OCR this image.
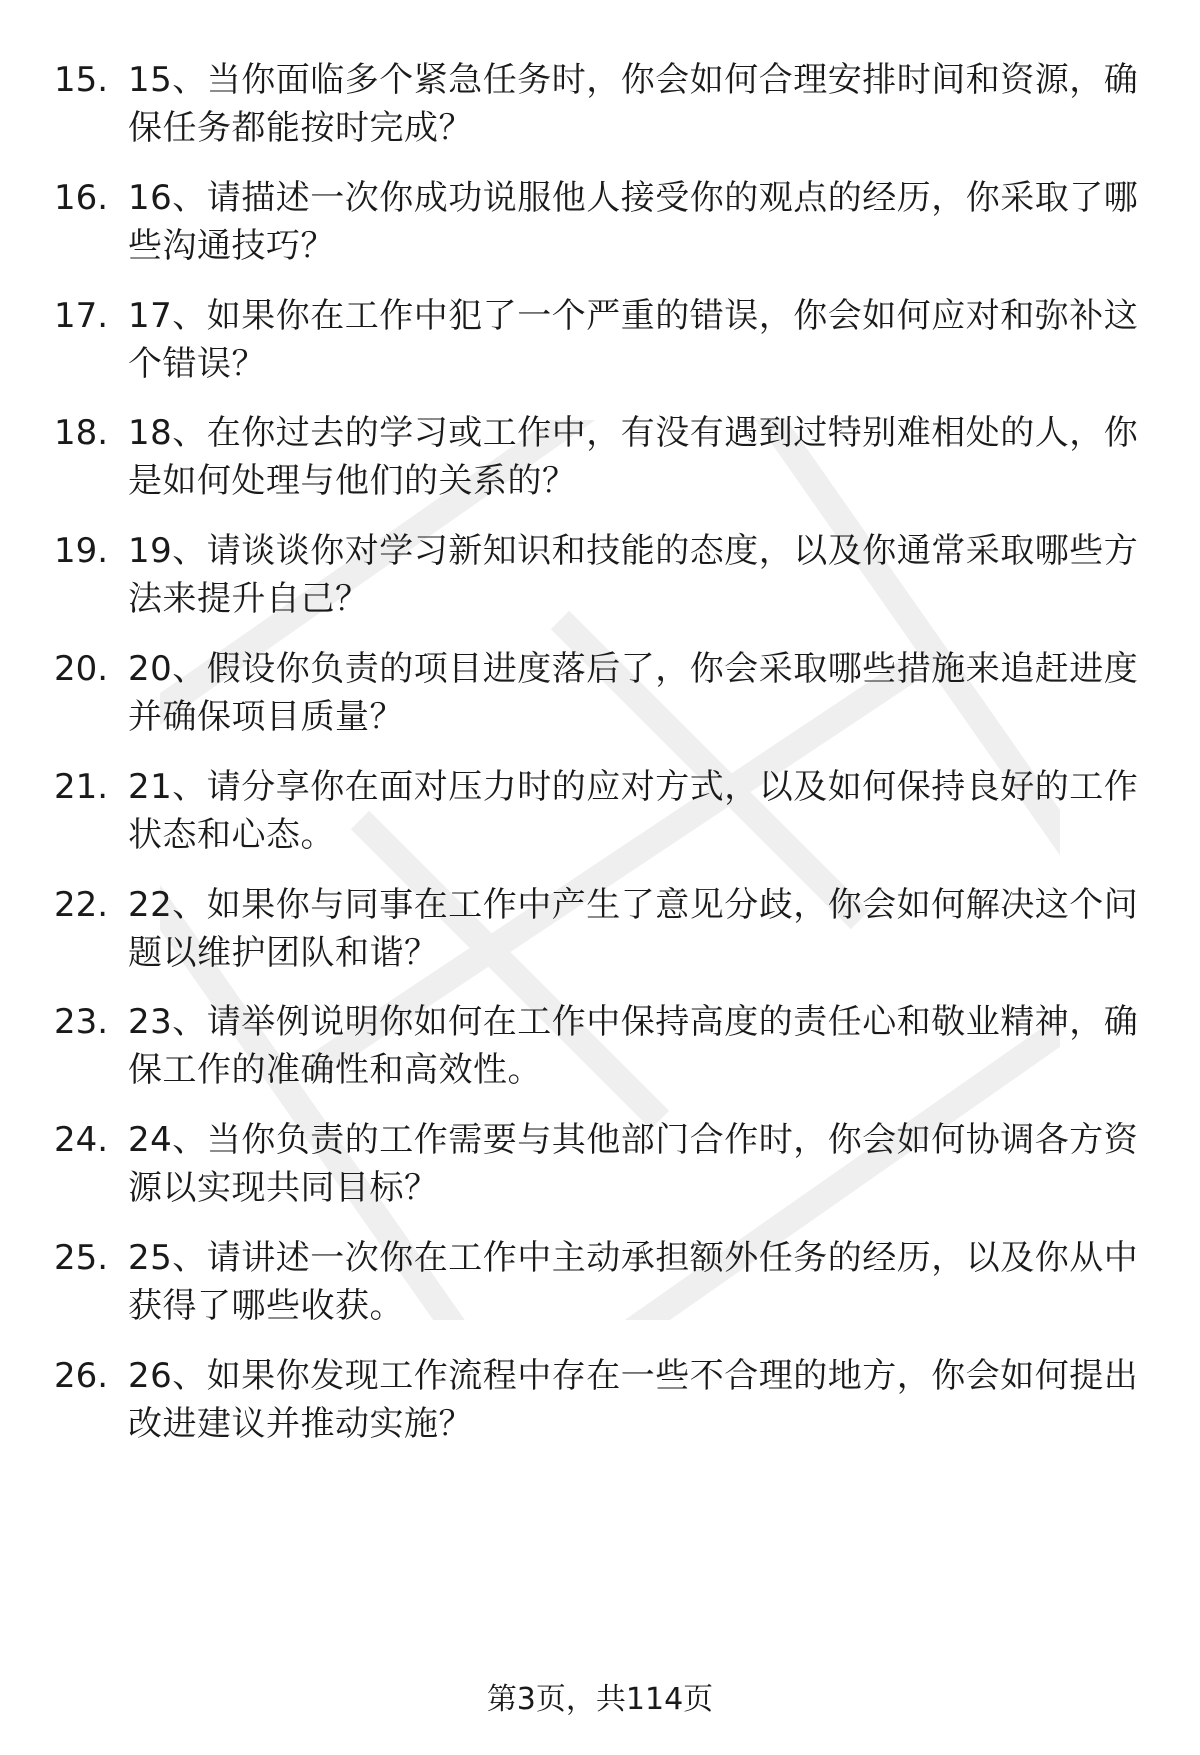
15. 15、当你面临多个紧急任务时，你会如何合理安排时间和资源，确保任务都能按时完成？
16. 16、请描述一次你成功说服他人接受你的观点的经历，你采取了哪些沟通技巧？
17. 17、如果你在工作中犯了一个严重的错误，你会如何应对和弥补这个错误？
18. 18、在你过去的学习或工作中，有没有遇到过特别难相处的人，你是如何处理与他们的关系的？
19. 19、请谈谈你对学习新知识和技能的态度，以及你通常采取哪些方法来提升自己？
20. 20、假设你负责的项目进度落后了，你会采取哪些措施来追赶进度并确保项目质量？
21. 21、请分享你在面对压力时的应对方式，以及如何保持良好的工作状态和心态。
22. 22、如果你与同事在工作中产生了意见分歧，你会如何解决这个问题以维护团队和谐？
23. 23、请举例说明你如何在工作中保持高度的责任心和敬业精神，确保工作的准确性和高效性。
24. 24、当你负责的工作需要与其他部门合作时，你会如何协调各方资源以实现共同目标？
25. 25、请讲述一次你在工作中主动承担额外任务的经历，以及你从中获得了哪些收获。
26. 26、如果你发现工作流程中存在一些不合理的地方，你会如何提出改进建议并推动实施？
第3页，共114页
